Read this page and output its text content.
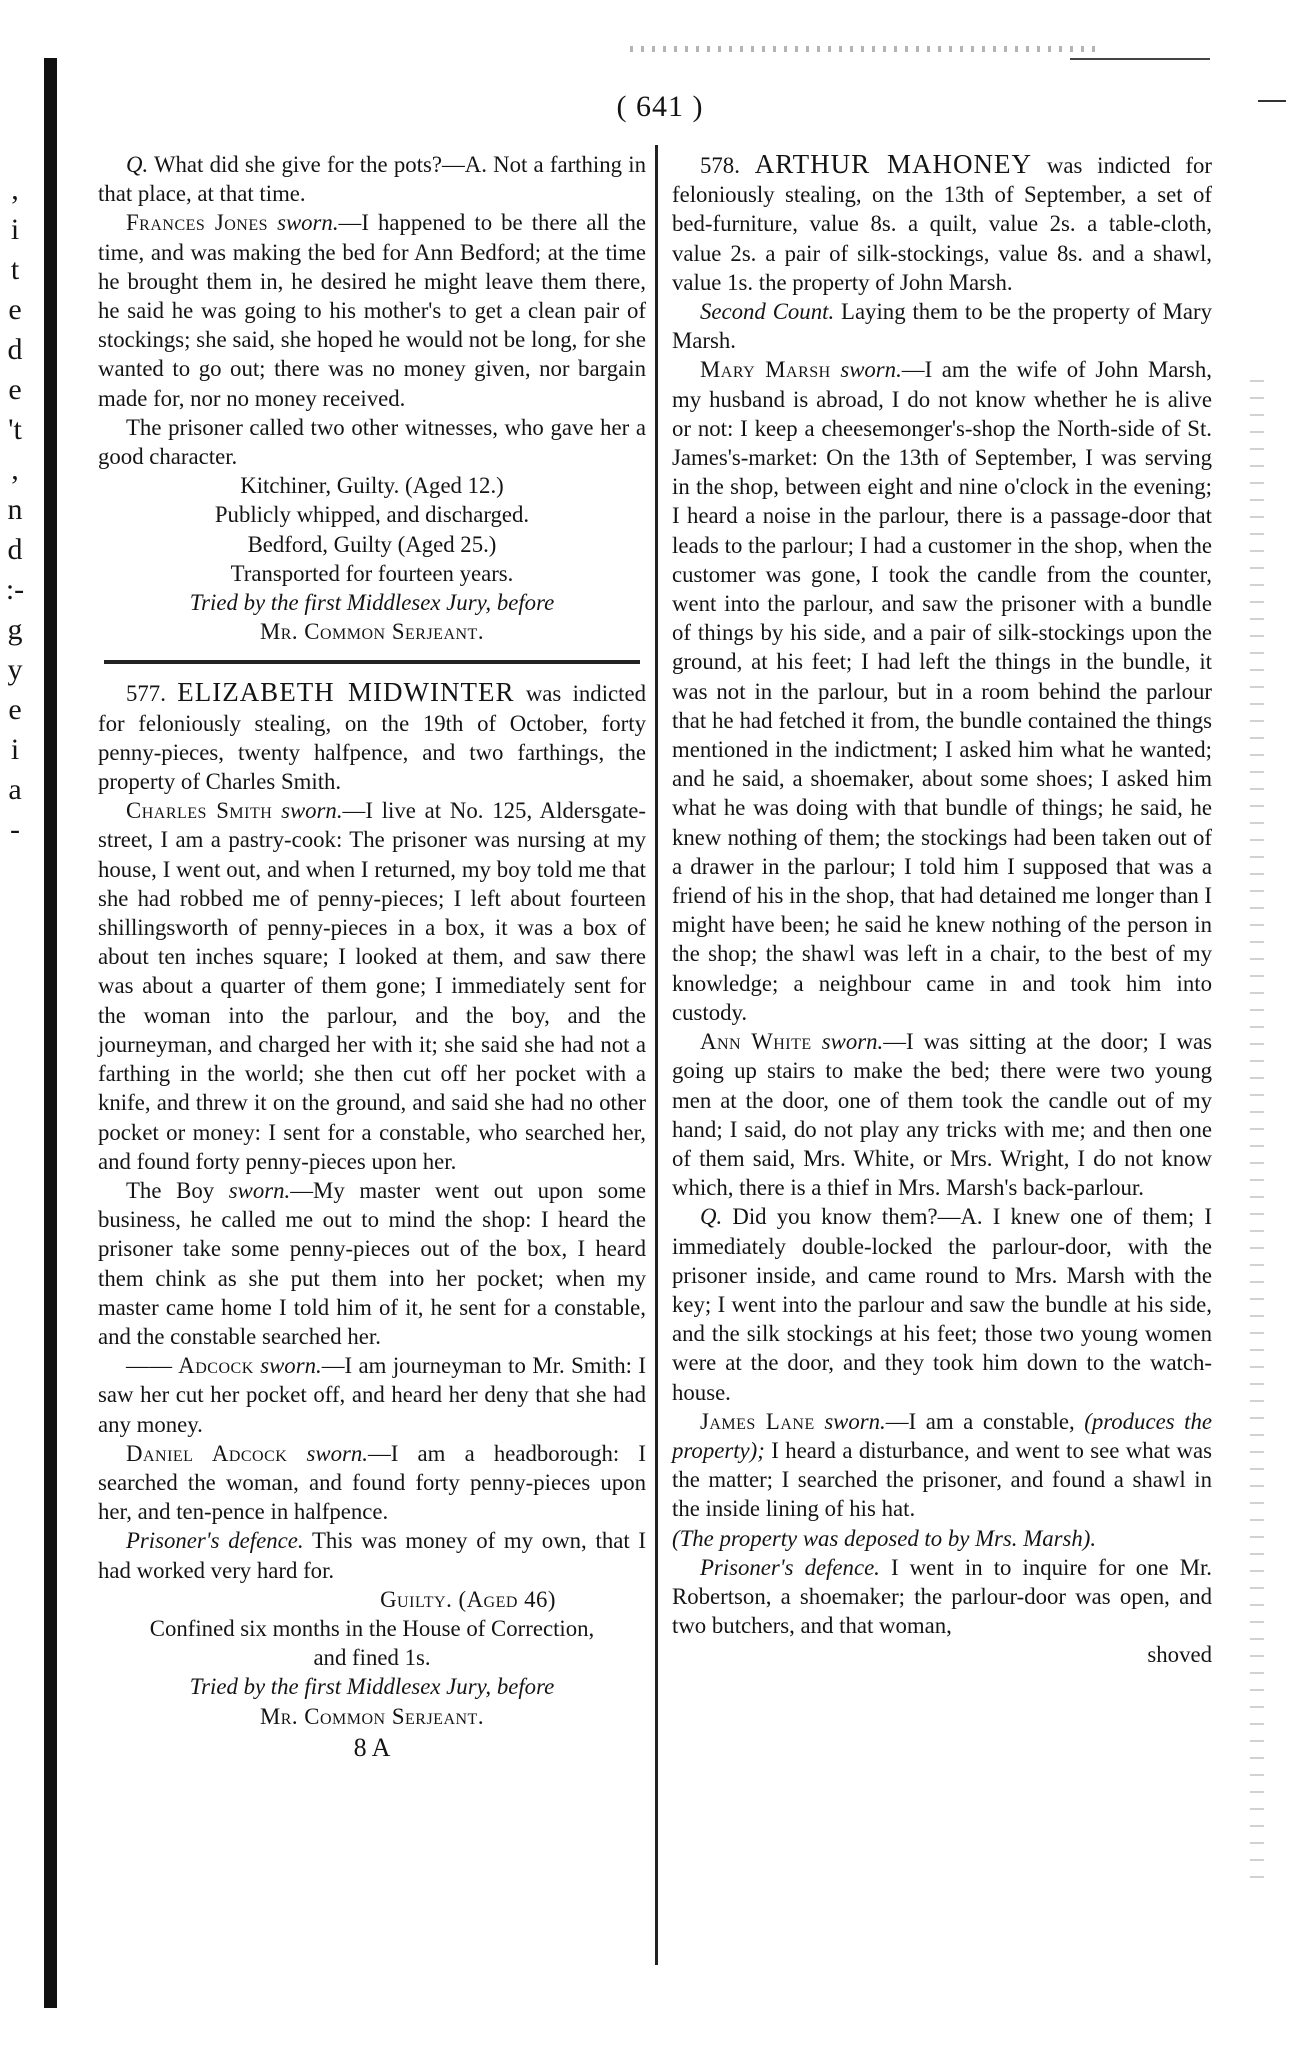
,
i
t
e
d
e
't
,
n
d
:-
g
y
e
i
a
-
( 641 )

Q. What did she give for the pots?—A. Not a farthing in that place, at that time.

Frances Jones sworn.—I happened to be there all the time, and was making the bed for Ann Bedford; at the time he brought them in, he desired he might leave them there, he said he was going to his mother's to get a clean pair of stockings; she said, she hoped he would not be long, for she wanted to go out; there was no money given, nor bargain made for, nor no money received.

The prisoner called two other witnesses, who gave her a good character.

Kitchiner, Guilty. (Aged 12.)

Publicly whipped, and discharged.

Bedford, Guilty (Aged 25.)

Transported for fourteen years.

Tried by the first Middlesex Jury, before

Mr. Common Serjeant.

577. ELIZABETH MIDWINTER was indicted for feloniously stealing, on the 19th of October, forty penny-pieces, twenty halfpence, and two farthings, the property of Charles Smith.

Charles Smith sworn.—I live at No. 125, Aldersgate-street, I am a pastry-cook: The prisoner was nursing at my house, I went out, and when I returned, my boy told me that she had robbed me of penny-pieces; I left about fourteen shillingsworth of penny-pieces in a box, it was a box of about ten inches square; I looked at them, and saw there was about a quarter of them gone; I immediately sent for the woman into the parlour, and the boy, and the journeyman, and charged her with it; she said she had not a farthing in the world; she then cut off her pocket with a knife, and threw it on the ground, and said she had no other pocket or money: I sent for a constable, who searched her, and found forty penny-pieces upon her.

The Boy sworn.—My master went out upon some business, he called me out to mind the shop: I heard the prisoner take some penny-pieces out of the box, I heard them chink as she put them into her pocket; when my master came home I told him of it, he sent for a constable, and the constable searched her.

—— Adcock sworn.—I am journeyman to Mr. Smith: I saw her cut her pocket off, and heard her deny that she had any money.

Daniel Adcock sworn.—I am a headborough: I searched the woman, and found forty penny-pieces upon her, and ten-pence in halfpence.

Prisoner's defence. This was money of my own, that I had worked very hard for.

Guilty. (Aged 46)

Confined six months in the House of Correction,

and fined 1s.

Tried by the first Middlesex Jury, before

Mr. Common Serjeant.

8 A

578. ARTHUR MAHONEY was indicted for feloniously stealing, on the 13th of September, a set of bed-furniture, value 8s. a quilt, value 2s. a table-cloth, value 2s. a pair of silk-stockings, value 8s. and a shawl, value 1s. the property of John Marsh.

Second Count. Laying them to be the property of Mary Marsh.

Mary Marsh sworn.—I am the wife of John Marsh, my husband is abroad, I do not know whether he is alive or not: I keep a cheesemonger's-shop the North-side of St. James's-market: On the 13th of September, I was serving in the shop, between eight and nine o'clock in the evening; I heard a noise in the parlour, there is a passage-door that leads to the parlour; I had a customer in the shop, when the customer was gone, I took the candle from the counter, went into the parlour, and saw the prisoner with a bundle of things by his side, and a pair of silk-stockings upon the ground, at his feet; I had left the things in the bundle, it was not in the parlour, but in a room behind the parlour that he had fetched it from, the bundle contained the things mentioned in the indictment; I asked him what he wanted; and he said, a shoemaker, about some shoes; I asked him what he was doing with that bundle of things; he said, he knew nothing of them; the stockings had been taken out of a drawer in the parlour; I told him I supposed that was a friend of his in the shop, that had detained me longer than I might have been; he said he knew nothing of the person in the shop; the shawl was left in a chair, to the best of my knowledge; a neighbour came in and took him into custody.

Ann White sworn.—I was sitting at the door; I was going up stairs to make the bed; there were two young men at the door, one of them took the candle out of my hand; I said, do not play any tricks with me; and then one of them said, Mrs. White, or Mrs. Wright, I do not know which, there is a thief in Mrs. Marsh's back-parlour.

Q. Did you know them?—A. I knew one of them; I immediately double-locked the parlour-door, with the prisoner inside, and came round to Mrs. Marsh with the key; I went into the parlour and saw the bundle at his side, and the silk stockings at his feet; those two young women were at the door, and they took him down to the watch-house.

James Lane sworn.—I am a constable, (produces the property); I heard a disturbance, and went to see what was the matter; I searched the prisoner, and found a shawl in the inside lining of his hat.

(The property was deposed to by Mrs. Marsh).

Prisoner's defence. I went in to inquire for one Mr. Robertson, a shoemaker; the parlour-door was open, and two butchers, and that woman,

shoved
